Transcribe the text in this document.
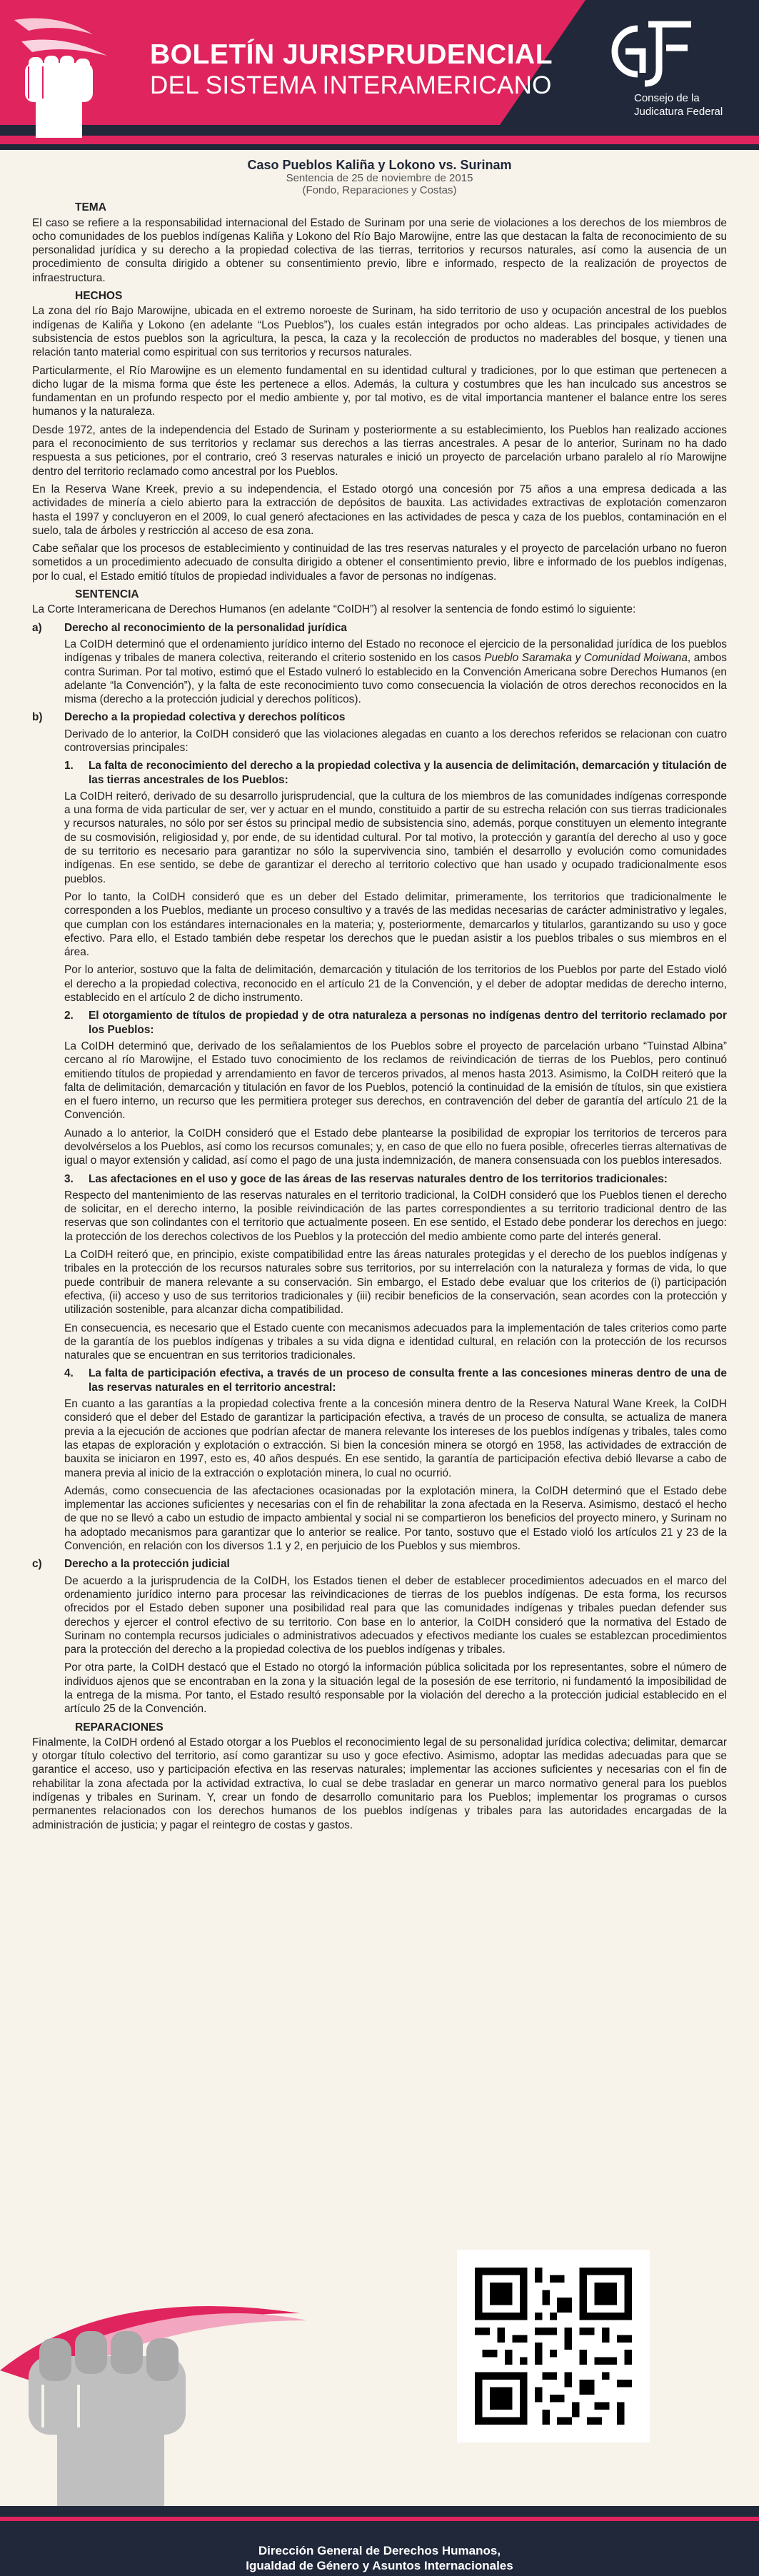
BOLETÍN JURISPRUDENCIAL
DEL SISTEMA INTERAMERICANO	Consejo de la
Judicatura Federal
Caso Pueblos Kaliña y Lokono vs. Surinam
Sentencia de 25 de noviembre de 2015
(Fondo, Reparaciones y Costas)
TEMA

El caso se refiere a la responsabilidad internacional del Estado de Surinam por una serie de violaciones a los derechos de los miembros de ocho comunidades de los pueblos indígenas Kaliña y Lokono del Río Bajo Marowijne, entre las que destacan la falta de reconocimiento de su personalidad jurídica y su derecho a la propiedad colectiva de las tierras, territorios y recursos naturales, así como la ausencia de un procedimiento de consulta dirigido a obtener su consentimiento previo, libre e informado, respecto de la realización de proyectos de infraestructura.

HECHOS

La zona del río Bajo Marowijne, ubicada en el extremo noroeste de Surinam, ha sido territorio de uso y ocupación ancestral de los pueblos indígenas de Kaliña y Lokono (en adelante “Los Pueblos”), los cuales están integrados por ocho aldeas. Las principales actividades de subsistencia de estos pueblos son la agricultura, la pesca, la caza y la recolección de productos no maderables del bosque, y tienen una relación tanto material como espiritual con sus territorios y recursos naturales.

Particularmente, el Río Marowijne es un elemento fundamental en su identidad cultural y tradiciones, por lo que estiman que pertenecen a dicho lugar de la misma forma que éste les pertenece a ellos. Además, la cultura y costumbres que les han inculcado sus ancestros se fundamentan en un profundo respecto por el medio ambiente y, por tal motivo, es de vital importancia mantener el balance entre los seres humanos y la naturaleza.

Desde 1972, antes de la independencia del Estado de Surinam y posteriormente a su establecimiento, los Pueblos han realizado acciones para el reconocimiento de sus territorios y reclamar sus derechos a las tierras ancestrales. A pesar de lo anterior, Surinam no ha dado respuesta a sus peticiones, por el contrario, creó 3 reservas naturales e inició un proyecto de parcelación urbano paralelo al río Marowijne dentro del territorio reclamado como ancestral por los Pueblos.

En la Reserva Wane Kreek, previo a su independencia, el Estado otorgó una concesión por 75 años a una empresa dedicada a las actividades de minería a cielo abierto para la extracción de depósitos de bauxita. Las actividades extractivas de explotación comenzaron hasta el 1997 y concluyeron en el 2009, lo cual generó afectaciones en las actividades de pesca y caza de los pueblos, contaminación en el suelo, tala de árboles y restricción al acceso de esa zona.

Cabe señalar que los procesos de establecimiento y continuidad de las tres reservas naturales y el proyecto de parcelación urbano no fueron sometidos a un procedimiento adecuado de consulta dirigido a obtener el consentimiento previo, libre e informado de los pueblos indígenas, por lo cual, el Estado emitió títulos de propiedad individuales a favor de personas no indígenas.

SENTENCIA

La Corte Interamericana de Derechos Humanos (en adelante “CoIDH”) al resolver la sentencia de fondo estimó lo siguiente:

a)	Derecho al reconocimiento de la personalidad jurídica

La CoIDH determinó que el ordenamiento jurídico interno del Estado no reconoce el ejercicio de la personalidad jurídica de los pueblos indígenas y tribales de manera colectiva, reiterando el criterio sostenido en los casos Pueblo Saramaka y Comunidad Moiwana, ambos contra Suriman. Por tal motivo, estimó que el Estado vulneró lo establecido en la Convención Americana sobre Derechos Humanos (en adelante “la Convención”), y la falta de este reconocimiento tuvo como consecuencia la violación de otros derechos reconocidos en la misma (derecho a la protección judicial y derechos políticos).

b)	Derecho a la propiedad colectiva y derechos políticos

Derivado de lo anterior, la CoIDH consideró que las violaciones alegadas en cuanto a los derechos referidos se relacionan con cuatro controversias principales:

1.	La falta de reconocimiento del derecho a la propiedad colectiva y la ausencia de delimitación, demarcación y titulación de las tierras ancestrales de los Pueblos:

La CoIDH reiteró, derivado de su desarrollo jurisprudencial, que la cultura de los miembros de las comunidades indígenas corresponde a una forma de vida particular de ser, ver y actuar en el mundo, constituido a partir de su estrecha relación con sus tierras tradicionales y recursos naturales, no sólo por ser éstos su principal medio de subsistencia sino, además, porque constituyen un elemento integrante de su cosmovisión, religiosidad y, por ende, de su identidad cultural. Por tal motivo, la protección y garantía del derecho al uso y goce de su territorio es necesario para garantizar no sólo la supervivencia sino, también el desarrollo y evolución como comunidades indígenas. En ese sentido, se debe de garantizar el derecho al territorio colectivo que han usado y ocupado tradicionalmente esos pueblos.

Por lo tanto, la CoIDH consideró que es un deber del Estado delimitar, primeramente, los territorios que tradicionalmente le corresponden a los Pueblos, mediante un proceso consultivo y a través de las medidas necesarias de carácter administrativo y legales, que cumplan con los estándares internacionales en la materia; y, posteriormente, demarcarlos y titularlos, garantizando su uso y goce efectivo. Para ello, el Estado también debe respetar los derechos que le puedan asistir a los pueblos tribales o sus miembros en el área.

Por lo anterior, sostuvo que la falta de delimitación, demarcación y titulación de los territorios de los Pueblos por parte del Estado violó el derecho a la propiedad colectiva, reconocido en el artículo 21 de la Convención, y el deber de adoptar medidas de derecho interno, establecido en el artículo 2 de dicho instrumento.

2.	El otorgamiento de títulos de propiedad y de otra naturaleza a personas no indígenas dentro del territorio reclamado por los Pueblos:

La CoIDH determinó que, derivado de los señalamientos de los Pueblos sobre el proyecto de parcelación urbano “Tuinstad Albina” cercano al río Marowijne, el Estado tuvo conocimiento de los reclamos de reivindicación de tierras de los Pueblos, pero continuó emitiendo títulos de propiedad y arrendamiento en favor de terceros privados, al menos hasta 2013. Asimismo, la CoIDH reiteró que la falta de delimitación, demarcación y titulación en favor de los Pueblos, potenció la continuidad de la emisión de títulos, sin que existiera en el fuero interno, un recurso que les permitiera proteger sus derechos, en contravención del deber de garantía del artículo 21 de la Convención.

Aunado a lo anterior, la CoIDH consideró que el Estado debe plantearse la posibilidad de expropiar los territorios de terceros para devolvérselos a los Pueblos, así como los recursos comunales; y, en caso de que ello no fuera posible, ofrecerles tierras alternativas de igual o mayor extensión y calidad, así como el pago de una justa indemnización, de manera consensuada con los pueblos interesados.

3.	Las afectaciones en el uso y goce de las áreas de las reservas naturales dentro de los territorios tradicionales:

Respecto del mantenimiento de las reservas naturales en el territorio tradicional, la CoIDH consideró que los Pueblos tienen el derecho de solicitar, en el derecho interno, la posible reivindicación de las partes correspondientes a su territorio tradicional dentro de las reservas que son colindantes con el territorio que actualmente poseen. En ese sentido, el Estado debe ponderar los derechos en juego: la protección de los derechos colectivos de los Pueblos y la protección del medio ambiente como parte del interés general.

La CoIDH reiteró que, en principio, existe compatibilidad entre las áreas naturales protegidas y el derecho de los pueblos indígenas y tribales en la protección de los recursos naturales sobre sus territorios, por su interrelación con la naturaleza y formas de vida, lo que puede contribuir de manera relevante a su conservación. Sin embargo, el Estado debe evaluar que los criterios de (i) participación efectiva, (ii) acceso y uso de sus territorios tradicionales y (iii) recibir beneficios de la conservación, sean acordes con la protección y utilización sostenible, para alcanzar dicha compatibilidad.

En consecuencia, es necesario que el Estado cuente con mecanismos adecuados para la implementación de tales criterios como parte de la garantía de los pueblos indígenas y tribales a su vida digna e identidad cultural, en relación con la protección de los recursos naturales que se encuentran en sus territorios tradicionales.

4.	La falta de participación efectiva, a través de un proceso de consulta frente a las concesiones mineras dentro de una de las reservas naturales en el territorio ancestral:

En cuanto a las garantías a la propiedad colectiva frente a la concesión minera dentro de la Reserva Natural Wane Kreek, la CoIDH consideró que el deber del Estado de garantizar la participación efectiva, a través de un proceso de consulta, se actualiza de manera previa a la ejecución de acciones que podrían afectar de manera relevante los intereses de los pueblos indígenas y tribales, tales como las etapas de exploración y explotación o extracción. Si bien la concesión minera se otorgó en 1958, las actividades de extracción de bauxita se iniciaron en 1997, esto es, 40 años después. En ese sentido, la garantía de participación efectiva debió llevarse a cabo de manera previa al inicio de la extracción o explotación minera, lo cual no ocurrió.

Además, como consecuencia de las afectaciones ocasionadas por la explotación minera, la CoIDH determinó que el Estado debe implementar las acciones suficientes y necesarias con el fin de rehabilitar la zona afectada en la Reserva. Asimismo, destacó el hecho de que no se llevó a cabo un estudio de impacto ambiental y social ni se compartieron los beneficios del proyecto minero, y Surinam no ha adoptado mecanismos para garantizar que lo anterior se realice. Por tanto, sostuvo que el Estado violó los artículos 21 y 23 de la Convención, en relación con los diversos 1.1 y 2, en perjuicio de los Pueblos y sus miembros.

c)	Derecho a la protección judicial

De acuerdo a la jurisprudencia de la CoIDH, los Estados tienen el deber de establecer procedimientos adecuados en el marco del ordenamiento jurídico interno para procesar las reivindicaciones de tierras de los pueblos indígenas. De esta forma, los recursos ofrecidos por el Estado deben suponer una posibilidad real para que las comunidades indígenas y tribales puedan defender sus derechos y ejercer el control efectivo de su territorio. Con base en lo anterior, la CoIDH consideró que la normativa del Estado de Surinam no contempla recursos judiciales o administrativos adecuados y efectivos mediante los cuales se establezcan procedimientos para la protección del derecho a la propiedad colectiva de los pueblos indígenas y tribales.

Por otra parte, la CoIDH destacó que el Estado no otorgó la información pública solicitada por los representantes, sobre el número de individuos ajenos que se encontraban en la zona y la situación legal de la posesión de ese territorio, ni fundamentó la imposibilidad de la entrega de la misma. Por tanto, el Estado resultó responsable por la violación del derecho a la protección judicial establecido en el artículo 25 de la Convención.

REPARACIONES

Finalmente, la CoIDH ordenó al Estado otorgar a los Pueblos el reconocimiento legal de su personalidad jurídica colectiva; delimitar, demarcar y otorgar título colectivo del territorio, así como garantizar su uso y goce efectivo. Asimismo, adoptar las medidas adecuadas para que se garantice el acceso, uso y participación efectiva en las reservas naturales; implementar las acciones suficientes y necesarias con el fin de rehabilitar la zona afectada por la actividad extractiva, lo cual se debe trasladar en generar un marco normativo general para los pueblos indígenas y tribales en Surinam. Y, crear un fondo de desarrollo comunitario para los Pueblos; implementar los programas o cursos permanentes relacionados con los derechos humanos de los pueblos indígenas y tribales para las autoridades encargadas de la administración de justicia; y pagar el reintegro de costas y gastos.

Dirección General de Derechos Humanos,
Igualdad de Género y Asuntos Internacionales
